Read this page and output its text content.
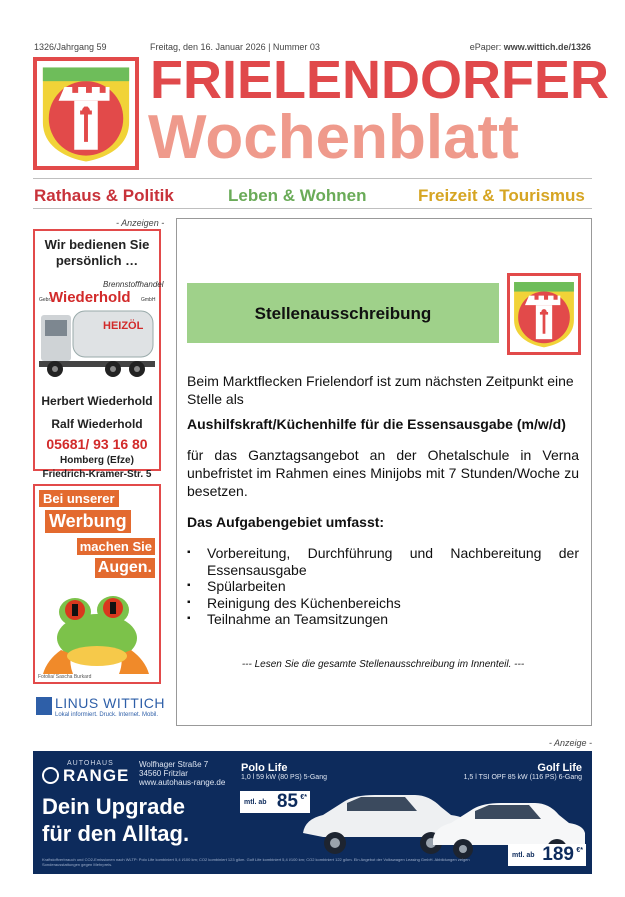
1326/Jahrgang 59	Freitag, den 16. Januar 2026 | Nummer 03	ePaper: www.wittich.de/1326
FRIELENDORFER
Wochenblatt
Rathaus & Politik	Leben & Wohnen	Freizeit & Tourismus
- Anzeigen -
Wir bedienen Sie persönlich …
Brennstoffhandel
Gebr.
Wiederhold GmbH
HEIZÖL
Herbert Wiederhold
Ralf Wiederhold
05681/ 93 16 80
Homberg (Efze)
Friedrich-Kramer-Str. 5
Bei unserer
Werbung
machen Sie
Augen.
Fotolia/ Sascha Burkard
LINUS WITTICH
Lokal informiert. Druck. Internet. Mobil.
Stellenausschreibung
Beim Marktflecken Frielendorf ist zum nächsten Zeitpunkt eine Stelle als
Aushilfskraft/Küchenhilfe für die Essensausgabe (m/w/d)
für das Ganztagsangebot an der Ohetalschule in Verna unbefristet im Rahmen eines Minijobs mit 7 Stunden/Woche zu besetzen.
Das Aufgabengebiet umfasst:
▪ Vorbereitung, Durchführung und Nachbereitung der Essensausgabe
▪ Spülarbeiten
▪ Reinigung des Küchenbereichs
▪ Teilnahme an Teamsitzungen
--- Lesen Sie die gesamte Stellenausschreibung im Innenteil. ---
- Anzeige -
AUTOHAUS
RANGE
Wolfhager Straße 7
34560 Fritzlar
www.autohaus-range.de
Polo Life
1,0 l 59 kW (80 PS) 5-Gang
Golf Life
1,5 l TSI OPF 85 kW (116 PS) 6-Gang
Dein Upgrade
für den Alltag.
mtl. ab 85 €*
mtl. ab 189 €*
Kraftstoffverbrauch und CO2-Emissionen nach WLTP: Polo Life kombiniert 5,4 l/100 km; CO2 kombiniert 123 g/km. Golf Life kombiniert 5,4 l/100 km; CO2 kombiniert 122 g/km. Ein Angebot der Volkswagen Leasing GmbH. Abbildungen zeigen Sonderausstattungen gegen Mehrpreis.
